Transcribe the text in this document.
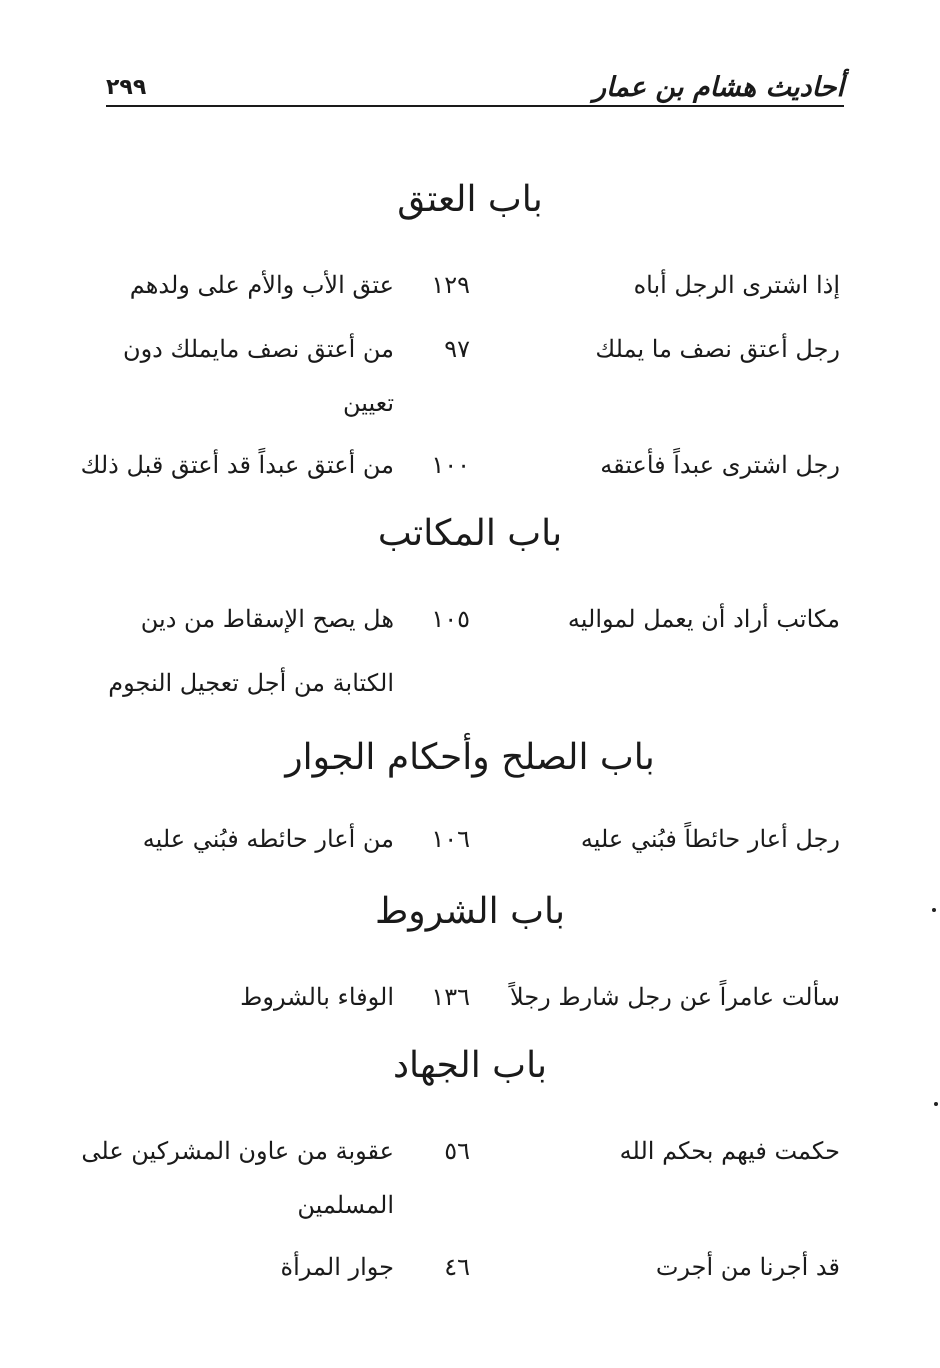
أحاديث هشام بن عمار
٢٩٩
باب العتق
إذا اشترى الرجل أباه
١٢٩
عتق الأب والأم على ولدهم
رجل أعتق نصف ما يملك
٩٧
من أعتق نصف مايملك دون
تعيين
رجل اشترى عبداً فأعتقه
١٠٠
من أعتق عبداً قد أعتق قبل ذلك
باب المكاتب
مكاتب أراد أن يعمل لمواليه
١٠٥
هل يصح الإسقاط من دين
الكتابة من أجل تعجيل النجوم
باب الصلح وأحكام الجوار
رجل أعار حائطاً فبُني عليه
١٠٦
من أعار حائطه فبُني عليه
باب الشروط
سألت عامراً عن رجل شارط رجلاً
١٣٦
الوفاء بالشروط
باب الجهاد
حكمت فيهم بحكم الله
٥٦
عقوبة من عاون المشركين على
المسلمين
قد أجرنا من أجرت
٤٦
جوار المرأة
